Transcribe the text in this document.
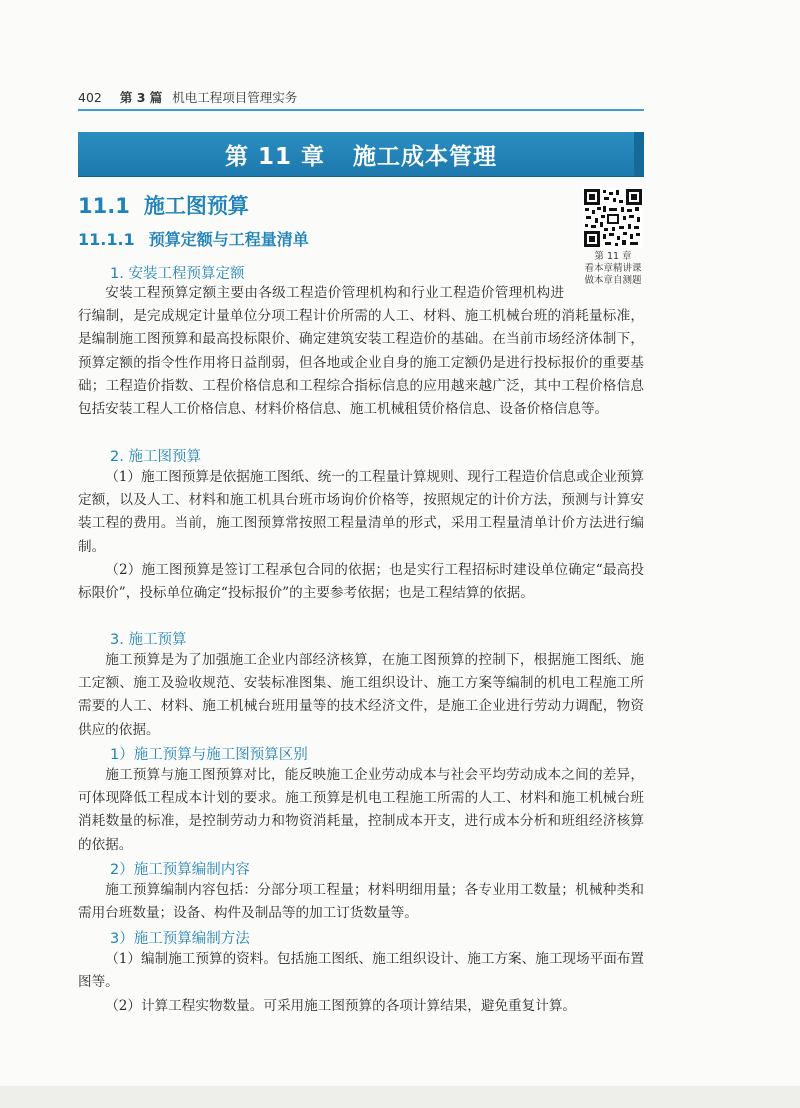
402 第 3 篇 机电工程项目管理实务
第 11 章 施工成本管理
11.1 施工图预算
11.1.1 预算定额与工程量清单
第 11 章
看本章精讲课
做本章自测题
1. 安装工程预算定额

安装工程预算定额主要由各级工程造价管理机构和行业工程造价管理机构进行编制，是完成规定计量单位分项工程计价所需的人工、材料、施工机械台班的消耗量标准，是编制施工图预算和最高投标限价、确定建筑安装工程造价的基础。在当前市场经济体制下，预算定额的指令性作用将日益削弱，但各地或企业自身的施工定额仍是进行投标报价的重要基础；工程造价指数、工程价格信息和工程综合指标信息的应用越来越广泛，其中工程价格信息包括安装工程人工价格信息、材料价格信息、施工机械租赁价格信息、设备价格信息等。

2. 施工图预算

（1）施工图预算是依据施工图纸、统一的工程量计算规则、现行工程造价信息或企业预算定额，以及人工、材料和施工机具台班市场询价价格等，按照规定的计价方法，预测与计算安装工程的费用。当前，施工图预算常按照工程量清单的形式，采用工程量清单计价方法进行编制。

（2）施工图预算是签订工程承包合同的依据；也是实行工程招标时建设单位确定“最高投标限价”，投标单位确定“投标报价”的主要参考依据；也是工程结算的依据。

3. 施工预算

施工预算是为了加强施工企业内部经济核算，在施工图预算的控制下，根据施工图纸、施工定额、施工及验收规范、安装标准图集、施工组织设计、施工方案等编制的机电工程施工所需要的人工、材料、施工机械台班用量等的技术经济文件，是施工企业进行劳动力调配，物资供应的依据。

1）施工预算与施工图预算区别

施工预算与施工图预算对比，能反映施工企业劳动成本与社会平均劳动成本之间的差异，可体现降低工程成本计划的要求。施工预算是机电工程施工所需的人工、材料和施工机械台班消耗数量的标准，是控制劳动力和物资消耗量，控制成本开支，进行成本分析和班组经济核算的依据。

2）施工预算编制内容

施工预算编制内容包括：分部分项工程量；材料明细用量；各专业用工数量；机械种类和需用台班数量；设备、构件及制品等的加工订货数量等。

3）施工预算编制方法

（1）编制施工预算的资料。包括施工图纸、施工组织设计、施工方案、施工现场平面布置图等。

（2）计算工程实物数量。可采用施工图预算的各项计算结果，避免重复计算。
